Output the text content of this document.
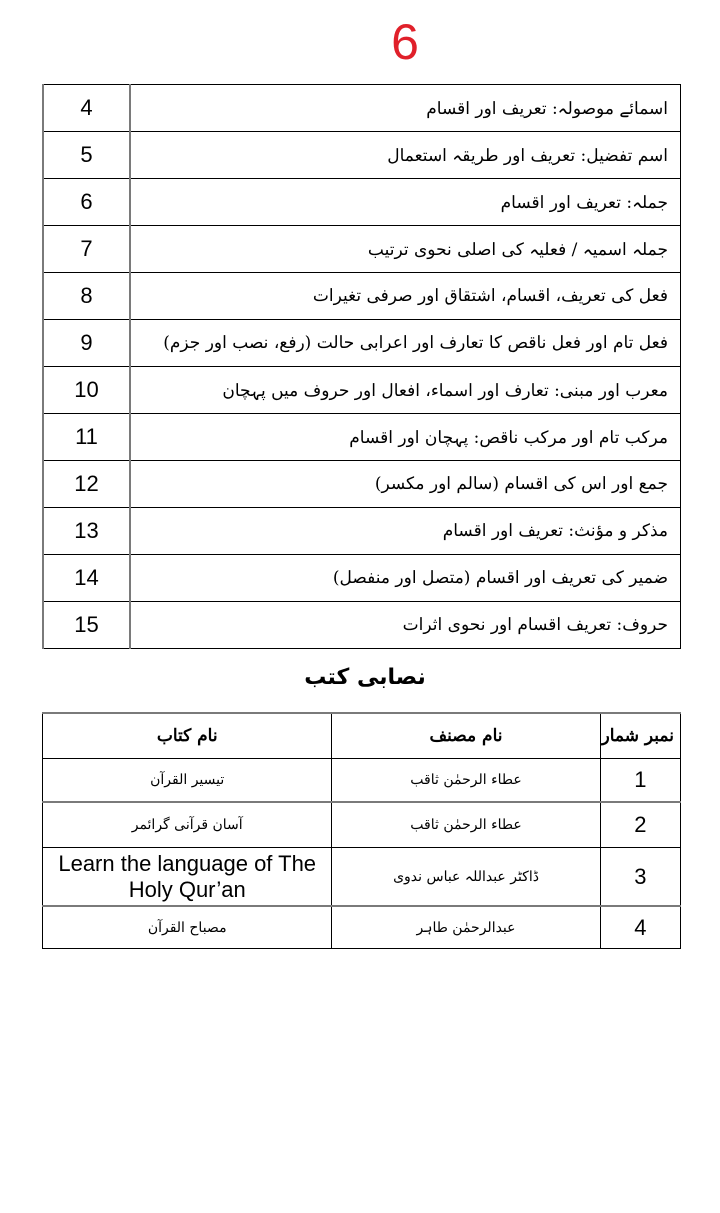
6
4	اسمائے موصولہ: تعریف اور اقسام
5	اسم تفضیل: تعریف اور طریقہ استعمال
6	جملہ: تعریف اور اقسام
7	جملہ اسمیہ / فعلیہ کی اصلی نحوی ترتیب
8	فعل کی تعریف، اقسام، اشتقاق اور صرفی تغیرات
9	فعل تام اور فعل ناقص کا تعارف اور اعرابی حالت (رفع، نصب اور جزم)
10	معرب اور مبنی: تعارف اور اسماء، افعال اور حروف میں پہچان
11	مرکب تام اور مرکب ناقص: پہچان اور اقسام
12	جمع اور اس کی اقسام (سالم اور مکسر)
13	مذکر و مؤنث: تعریف اور اقسام
14	ضمیر کی تعریف اور اقسام (متصل اور منفصل)
15	حروف: تعریف اقسام اور نحوی اثرات
نصابی کتب
نمبر شمار	نام مصنف	نام کتاب
1	عطاء الرحمٰن ثاقب	تیسیر القرآن
2	عطاء الرحمٰن ثاقب	آسان قرآنی گرائمر
3	ڈاکٹر عبداللہ عباس ندوی	Learn the language of The Holy Qur’an
4	عبدالرحمٰن طاہر	مصباح القرآن
